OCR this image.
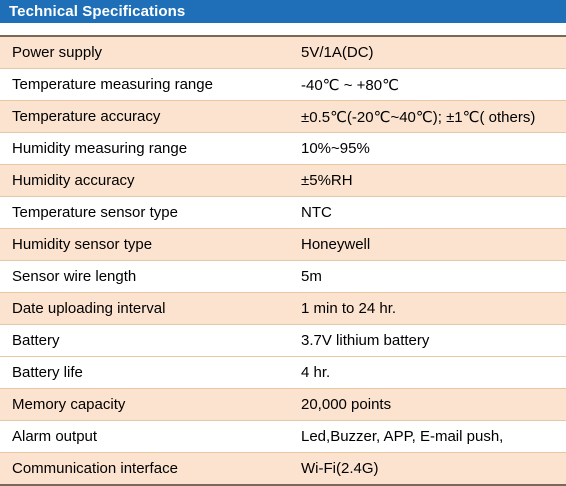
Technical Specifications
Power supply	5V/1A(DC)
Temperature measuring range	-40℃ ~ +80℃
Temperature accuracy	±0.5℃(-20℃~40℃); ±1℃( others)
Humidity measuring range	10%~95%
Humidity accuracy	±5%RH
Temperature sensor type	NTC
Humidity sensor type	Honeywell
Sensor wire length	5m
Date uploading interval	1 min to 24 hr.
Battery	3.7V lithium battery
Battery life	4 hr.
Memory capacity	20,000 points
Alarm output	Led,Buzzer, APP, E-mail push,
Communication interface	Wi-Fi(2.4G)
